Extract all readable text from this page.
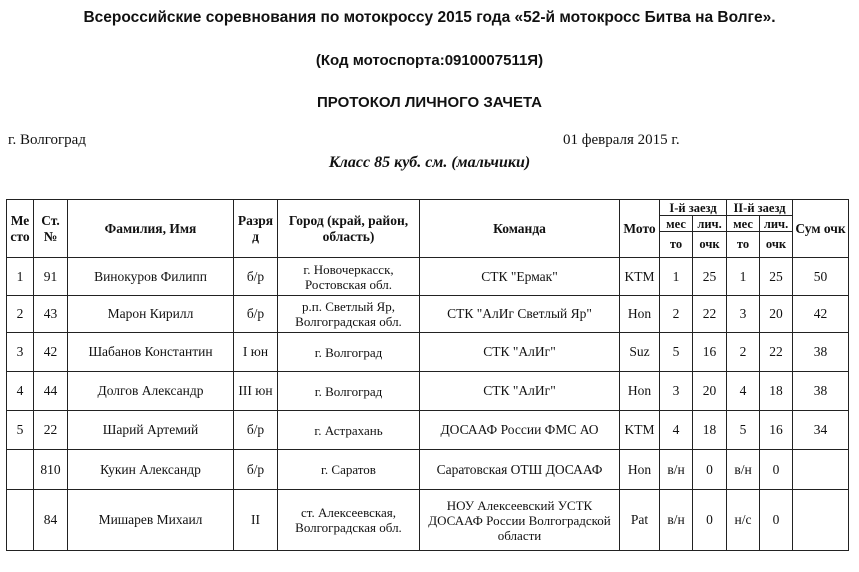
Всероссийские соревнования по мотокроссу 2015 года «52-й мотокросс Битва на Волге».
(Код мотоспорта:0910007511Я)
ПРОТОКОЛ ЛИЧНОГО ЗАЧЕТА
г. Волгоград	01 февраля 2015 г.
Класс 85 куб. см. (мальчики)
Место	Ст. №	Фамилия, Имя	Разряд	Город (край, район, область)	Команда	Мото	I-й заезд		II-й заезд		Сум очк
							мес	лич.	мес	лич.	
							то	очк	то	очк	
1	91	Винокуров Филипп	б/р	г. Новочеркасск, Ростовская обл.	СТК "Ермак"	KTM	1	25	1	25	50
2	43	Марон Кирилл	б/р	р.п. Светлый Яр, Волгоградская обл.	СТК "АлИг Светлый Яр"	Hon	2	22	3	20	42
3	42	Шабанов Константин	I юн	г. Волгоград	СТК "АлИг"	Suz	5	16	2	22	38
4	44	Долгов Александр	III юн	г. Волгоград	СТК "АлИг"	Hon	3	20	4	18	38
5	22	Шарий Артемий	б/р	г. Астрахань	ДОСААФ России ФМС АО	KTM	4	18	5	16	34
	810	Кукин Александр	б/р	г. Саратов	Саратовская ОТШ ДОСААФ	Hon	в/н	0	в/н	0	
	84	Мишарев Михаил	II	ст. Алексеевская, Волгоградская обл.	НОУ Алексеевский УСТК ДОСААФ России Волгоградской области	Pat	в/н	0	н/с	0	
